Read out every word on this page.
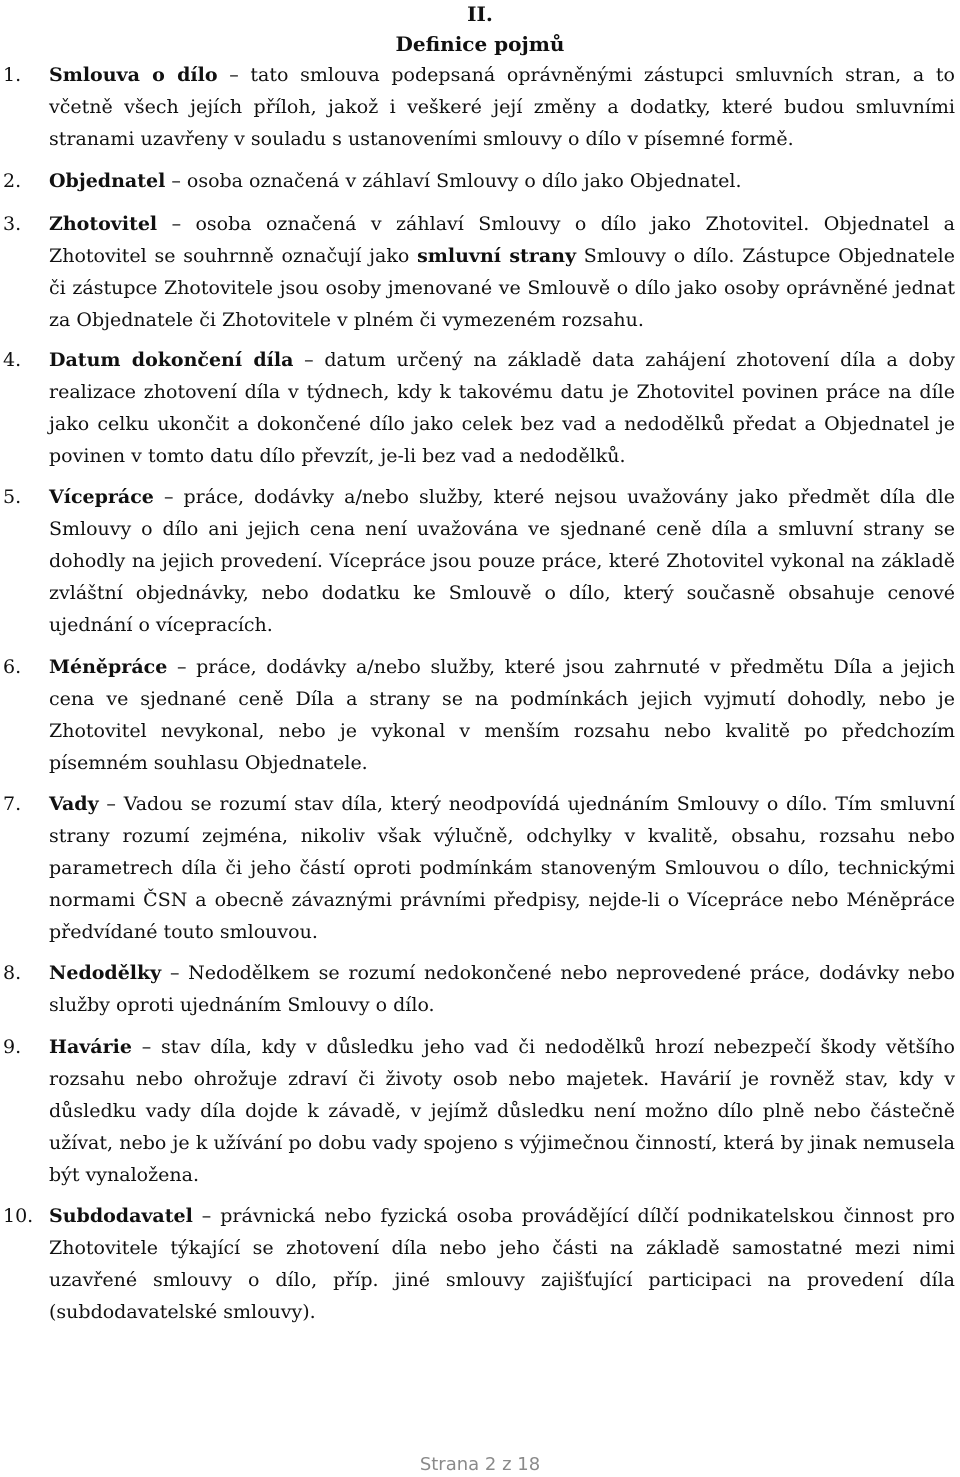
II.
Definice pojmů
1. Smlouva o dílo – tato smlouva podepsaná oprávněnými zástupci smluvních stran, a to včetně všech jejích příloh, jakož i veškeré její změny a dodatky, které budou smluvními stranami uzavřeny v souladu s ustanoveními smlouvy o dílo v písemné formě.
2. Objednatel – osoba označená v záhlaví Smlouvy o dílo jako Objednatel.
3. Zhotovitel – osoba označená v záhlaví Smlouvy o dílo jako Zhotovitel. Objednatel a Zhotovitel se souhrnně označují jako smluvní strany Smlouvy o dílo. Zástupce Objednatele či zástupce Zhotovitele jsou osoby jmenované ve Smlouvě o dílo jako osoby oprávněné jednat za Objednatele či Zhotovitele v plném či vymezeném rozsahu.
4. Datum dokončení díla – datum určený na základě data zahájení zhotovení díla a doby realizace zhotovení díla v týdnech, kdy k takovému datu je Zhotovitel povinen práce na díle jako celku ukončit a dokončené dílo jako celek bez vad a nedodělků předat a Objednatel je povinen v tomto datu dílo převzít, je-li bez vad a nedodělků.
5. Vícepráce – práce, dodávky a/nebo služby, které nejsou uvažovány jako předmět díla dle Smlouvy o dílo ani jejich cena není uvažována ve sjednané ceně díla a smluvní strany se dohodly na jejich provedení. Vícepráce jsou pouze práce, které Zhotovitel vykonal na základě zvláštní objednávky, nebo dodatku ke Smlouvě o dílo, který současně obsahuje cenové ujednání o vícepracích.
6. Méněpráce – práce, dodávky a/nebo služby, které jsou zahrnuté v předmětu Díla a jejich cena ve sjednané ceně Díla a strany se na podmínkách jejich vyjmutí dohodly, nebo je Zhotovitel nevykonal, nebo je vykonal v menším rozsahu nebo kvalitě po předchozím písemném souhlasu Objednatele.
7. Vady – Vadou se rozumí stav díla, který neodpovídá ujednáním Smlouvy o dílo. Tím smluvní strany rozumí zejména, nikoliv však výlučně, odchylky v kvalitě, obsahu, rozsahu nebo parametrech díla či jeho částí oproti podmínkám stanoveným Smlouvou o dílo, technickými normami ČSN a obecně závaznými právními předpisy, nejde-li o Vícepráce nebo Méněpráce předvídané touto smlouvou.
8. Nedodělky – Nedodělkem se rozumí nedokončené nebo neprovedené práce, dodávky nebo služby oproti ujednáním Smlouvy o dílo.
9. Havárie – stav díla, kdy v důsledku jeho vad či nedodělků hrozí nebezpečí škody většího rozsahu nebo ohrožuje zdraví či životy osob nebo majetek. Havárií je rovněž stav, kdy v důsledku vady díla dojde k závadě, v jejímž důsledku není možno dílo plně nebo částečně užívat, nebo je k užívání po dobu vady spojeno s výjimečnou činností, která by jinak nemusela být vynaložena.
10. Subdodavatel – právnická nebo fyzická osoba provádějící dílčí podnikatelskou činnost pro Zhotovitele týkající se zhotovení díla nebo jeho části na základě samostatné mezi nimi uzavřené smlouvy o dílo, příp. jiné smlouvy zajišťující participaci na provedení díla (subdodavatelské smlouvy).
Strana 2 z 18
